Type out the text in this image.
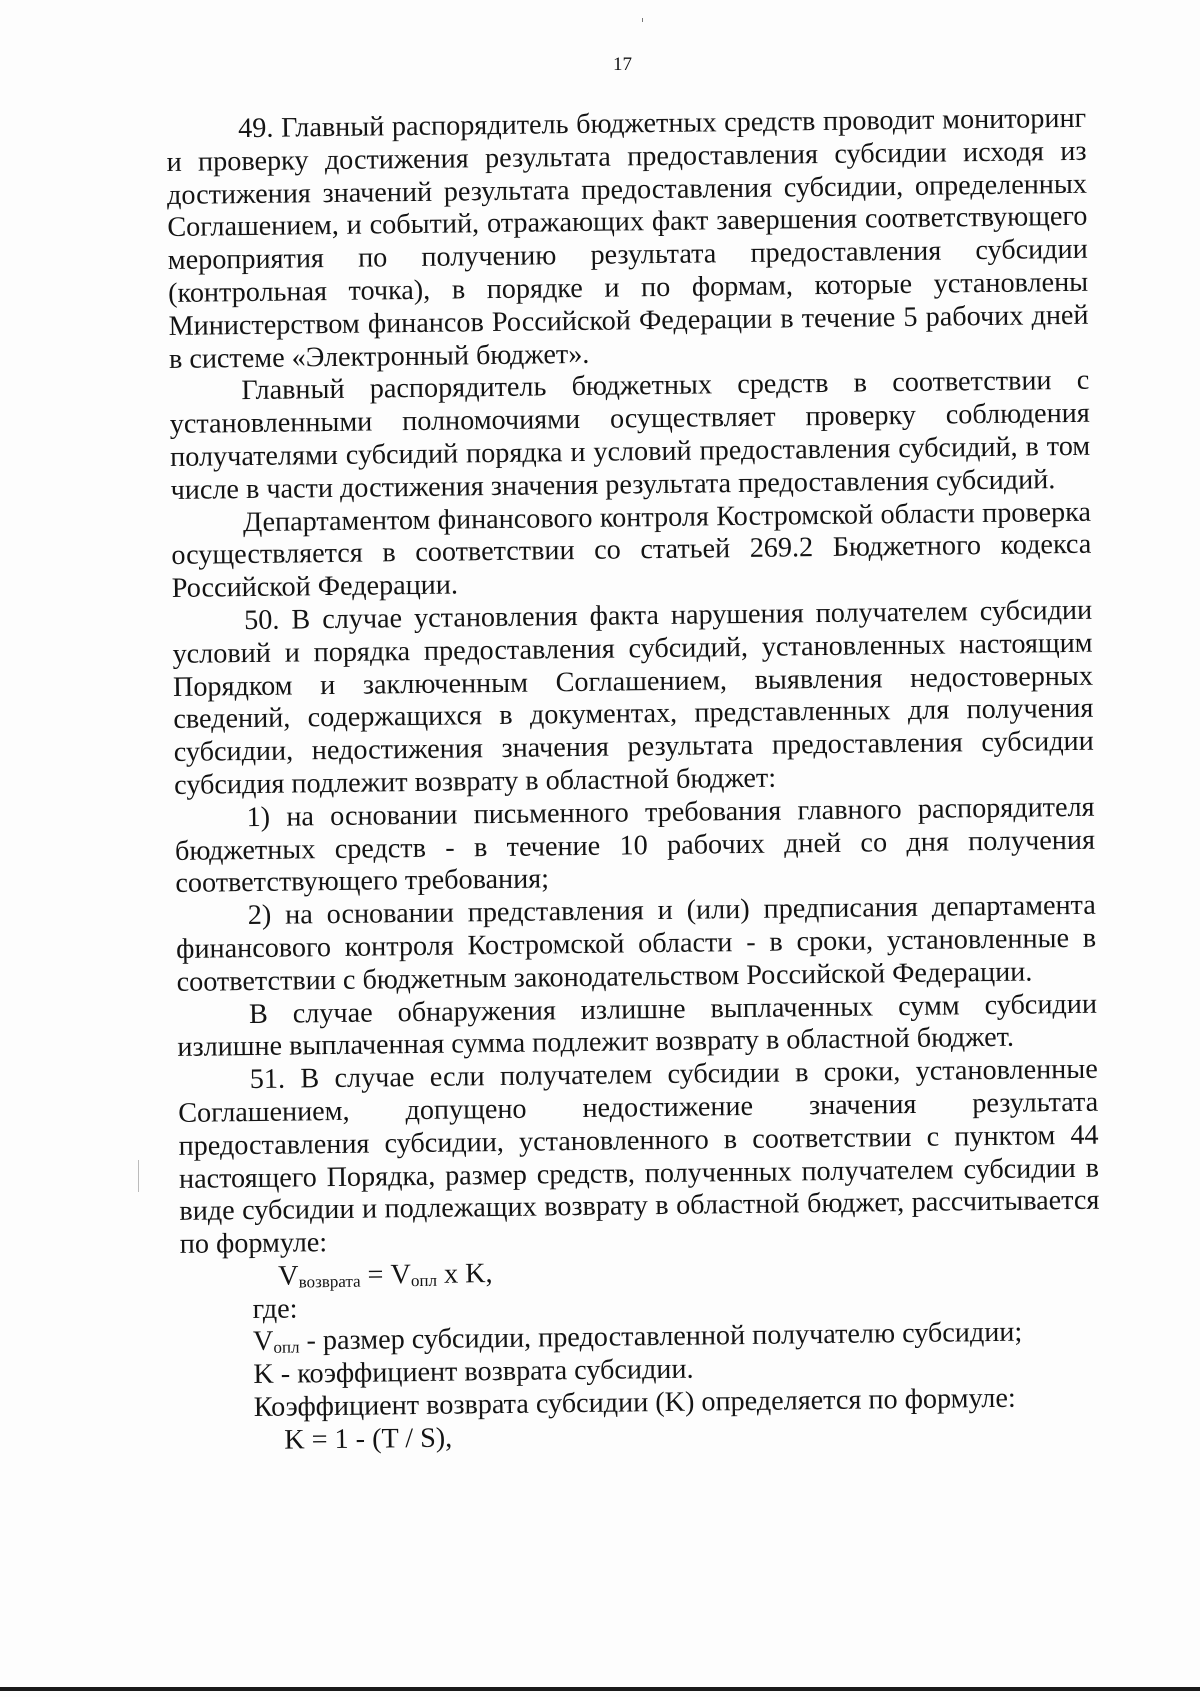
17

49. Главный распорядитель бюджетных средств проводит мониторинг и проверку достижения результата предоставления субсидии исходя из достижения значений результата предоставления субсидии, определенных Соглашением, и событий, отражающих факт завершения соответствующего мероприятия по получению результата предоставления субсидии (контрольная точка), в порядке и по формам, которые установлены Министерством финансов Российской Федерации в течение 5 рабочих дней в системе «Электронный бюджет».

Главный распорядитель бюджетных средств в соответствии с установленными полномочиями осуществляет проверку соблюдения получателями субсидий порядка и условий предоставления субсидий, в том числе в части достижения значения результата предоставления субсидий.

Департаментом финансового контроля Костромской области проверка осуществляется в соответствии со статьей 269.2 Бюджетного кодекса Российской Федерации.

50. В случае установления факта нарушения получателем субсидии условий и порядка предоставления субсидий, установленных настоящим Порядком и заключенным Соглашением, выявления недостоверных сведений, содержащихся в документах, представленных для получения субсидии, недостижения значения результата предоставления субсидии субсидия подлежит возврату в областной бюджет:

1) на основании письменного требования главного распорядителя бюджетных средств - в течение 10 рабочих дней со дня получения соответствующего требования;

2) на основании представления и (или) предписания департамента финансового контроля Костромской области - в сроки, установленные в соответствии с бюджетным законодательством Российской Федерации.

В случае обнаружения излишне выплаченных сумм субсидии излишне выплаченная сумма подлежит возврату в областной бюджет.

51. В случае если получателем субсидии в сроки, установленные Соглашением, допущено недостижение значения результата предоставления субсидии, установленного в соответствии с пунктом 44 настоящего Порядка, размер средств, полученных получателем субсидии в виде субсидии и подлежащих возврату в областной бюджет, рассчитывается по формуле:

$V_{возврата} = V_{опл}$ x K,

где:

$V_{опл}$ - размер субсидии, предоставленной получателю субсидии;

K - коэффициент возврата субсидии.

Коэффициент возврата субсидии (K) определяется по формуле:

K = 1 - (T / S),
